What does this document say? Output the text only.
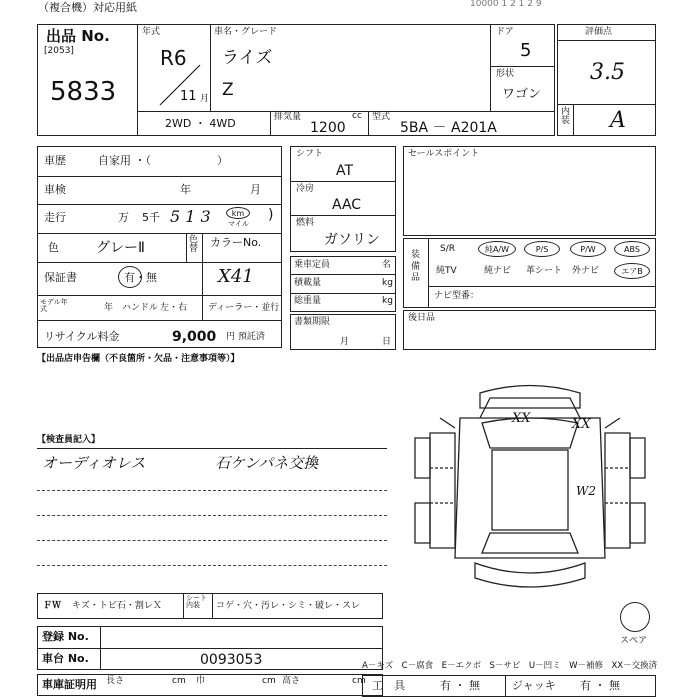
（複合機）対応用紙	10000 1 2 1 2 9
出品 No.
[2053]
5833
年式
R6
11 月
車名・グレード
ライズ
Z
ドア
5
形状
ワゴン
2WD ・ 4WD	排気量	cc
1200
型式
5BA － A201A
評価点
3.5
内装 A
車歴	自家用 ・（　　　　　　）
車検	年	月
走行	万 5千 5 1 3	km
マイル
)
色	グレーⅡ	色替 カラーNo.
X41
保証書	有・無
モデル年式	年 ハンドル 左・右 ディーラー・並行
リサイクル料金	9,000 円 預託済
シフト
AT
冷房
AAC
燃料
ガソリン
乗車定員	名
積載量	kg
総重量	kg
書類期限
月	日
セールスポイント
装備品
S/R	純A/W	P/S	P/W	ABS
純TV	純ナビ 革シート 外ナビ	エアB
ナビ型番：
後日品
【出品店申告欄（不良箇所・欠品・注意事項等）】
【検査員記入】
オーディオレス	石ケンパネ交換
XX	XX
W2
スペア
ＦＷ キズ・トビ石・割レＸ
シート内装	コゲ・穴・汚レ・シミ・破レ・スレ
登録 No.
車台 No.	0093053
車庫証明用 長さ	cm 巾	cm 高さ	cm
A－キズ　C－腐食　E－エクボ　S－サビ　U－凹ミ　W－補修　XX－交換済
工　具	有 ・ 無	ジャッキ 有 ・ 無
